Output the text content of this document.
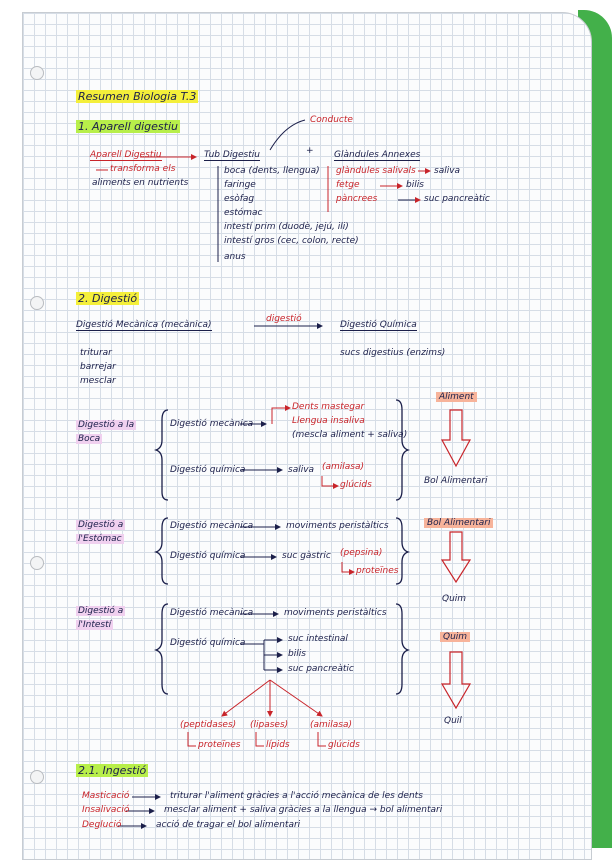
Resumen Biologia T.3
1. Aparell digestiu
Aparell Digestiu
transforma els
aliments en nutrients
Tub Digestiu
Conducte
+ Glàndules Annexes
boca (dents, llengua)
faringe
esòfag
estómac
intestí prim (duodè, jejú, ili)
intestí gros (cec, colon, recte)
anus
glàndules salivals saliva
fetge	bilis
pàncrees	suc pancreàtic
2. Digestió
Digestió Mecànica (mecànica)
digestió
Digestió Química
triturar
barrejar
mesclar
sucs digestius (enzims)
Digestió a la
Boca
Digestió mecànica
Dents mastegar
Llengua insaliva
(mescla aliment + saliva)
Digestió química	saliva (amilasa)
glúcids
Digestió a
l'Estómac
Digestió mecànica	moviments peristàltics
Digestió química	suc gàstric (pepsina)
proteïnes
Digestió a
l'Intestí
Digestió mecànica	moviments peristàltics
Digestió química	suc intestinal
bilis
suc pancreàtic
(peptidases) (lipases) (amilasa)
proteïnes	lípids	glúcids
Aliment
Bol Alimentari
Bol Alimentari
Quim
Quim
Quil
2.1. Ingestió
Masticació	triturar l'aliment gràcies a l'acció mecànica de les dents
Insalivació	mesclar aliment + saliva gràcies a la llengua → bol alimentari
Deglució	acció de tragar el bol alimentari
